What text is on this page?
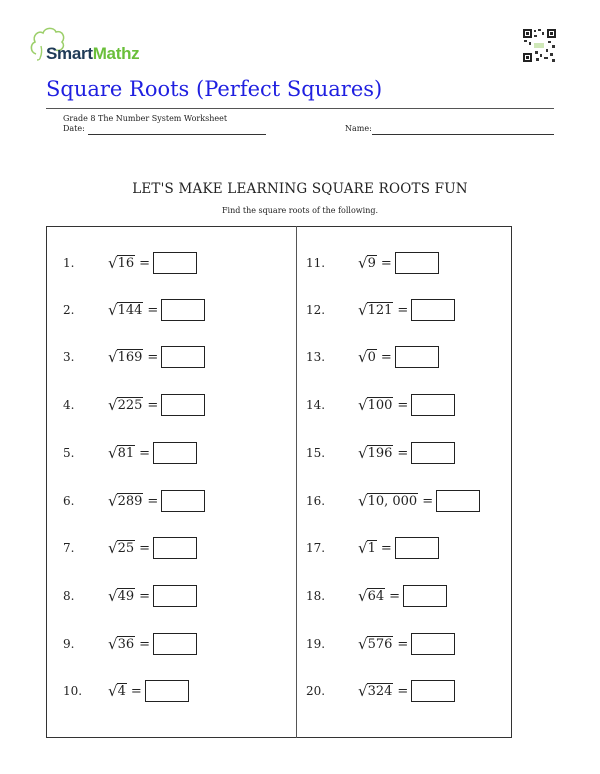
SmartMathz
Square Roots (Perfect Squares)
Grade 8 The Number System Worksheet
Date:	Name:
LET'S MAKE LEARNING SQUARE ROOTS FUN
Find the square roots of the following.
1.	√ 16 =
2.	√ 144 =
3.	√ 169 =
4.	√ 225 =
5.	√ 81 =
6.	√ 289 =
7.	√ 25 =
8.	√ 49 =
9.	√ 36 =
10.	√ 4 =
11.	√ 9 =
12.	√ 121 =
13.	√ 0 =
14.	√ 100 =
15.	√ 196 =
16.	√ 10, 000 =
17.	√ 1 =
18.	√ 64 =
19.	√ 576 =
20.	√ 324 =
